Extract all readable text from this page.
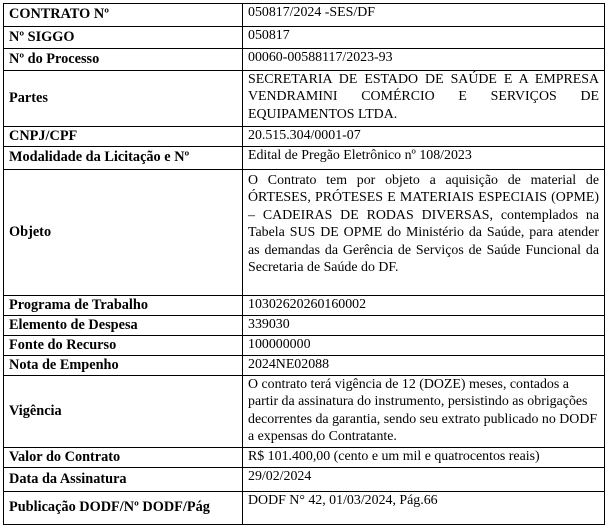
CONTRATO Nº	050817/2024 -SES/DF
Nº SIGGO	050817
Nº do Processo	00060-00588117/2023-93
Partes	SECRETARIA DE ESTADO DE SAÚDE E A EMPRESA VENDRAMINI COMÉRCIO E SERVIÇOS DE EQUIPAMENTOS LTDA.
CNPJ/CPF	20.515.304/0001-07
Modalidade da Licitação e Nº	Edital de Pregão Eletrônico nº 108/2023
Objeto	O Contrato tem por objeto a aquisição de material de ÓRTESES, PRÓTESES E MATERIAIS ESPECIAIS (OPME) – CADEIRAS DE RODAS DIVERSAS, contemplados na Tabela SUS DE OPME do Ministério da Saúde, para atender as demandas da Gerência de Serviços de Saúde Funcional da Secretaria de Saúde do DF.
Programa de Trabalho	10302620260160002
Elemento de Despesa	339030
Fonte do Recurso	100000000
Nota de Empenho	2024NE02088
Vigência	O contrato terá vigência de 12 (DOZE) meses, contados a partir da assinatura do instrumento, persistindo as obrigações decorrentes da garantia, sendo seu extrato publicado no DODF a expensas do Contratante.
Valor do Contrato	R$ 101.400,00 (cento e um mil e quatrocentos reais)
Data da Assinatura	29/02/2024
Publicação DODF/Nº DODF/Pág	DODF N° 42, 01/03/2024, Pág.66
